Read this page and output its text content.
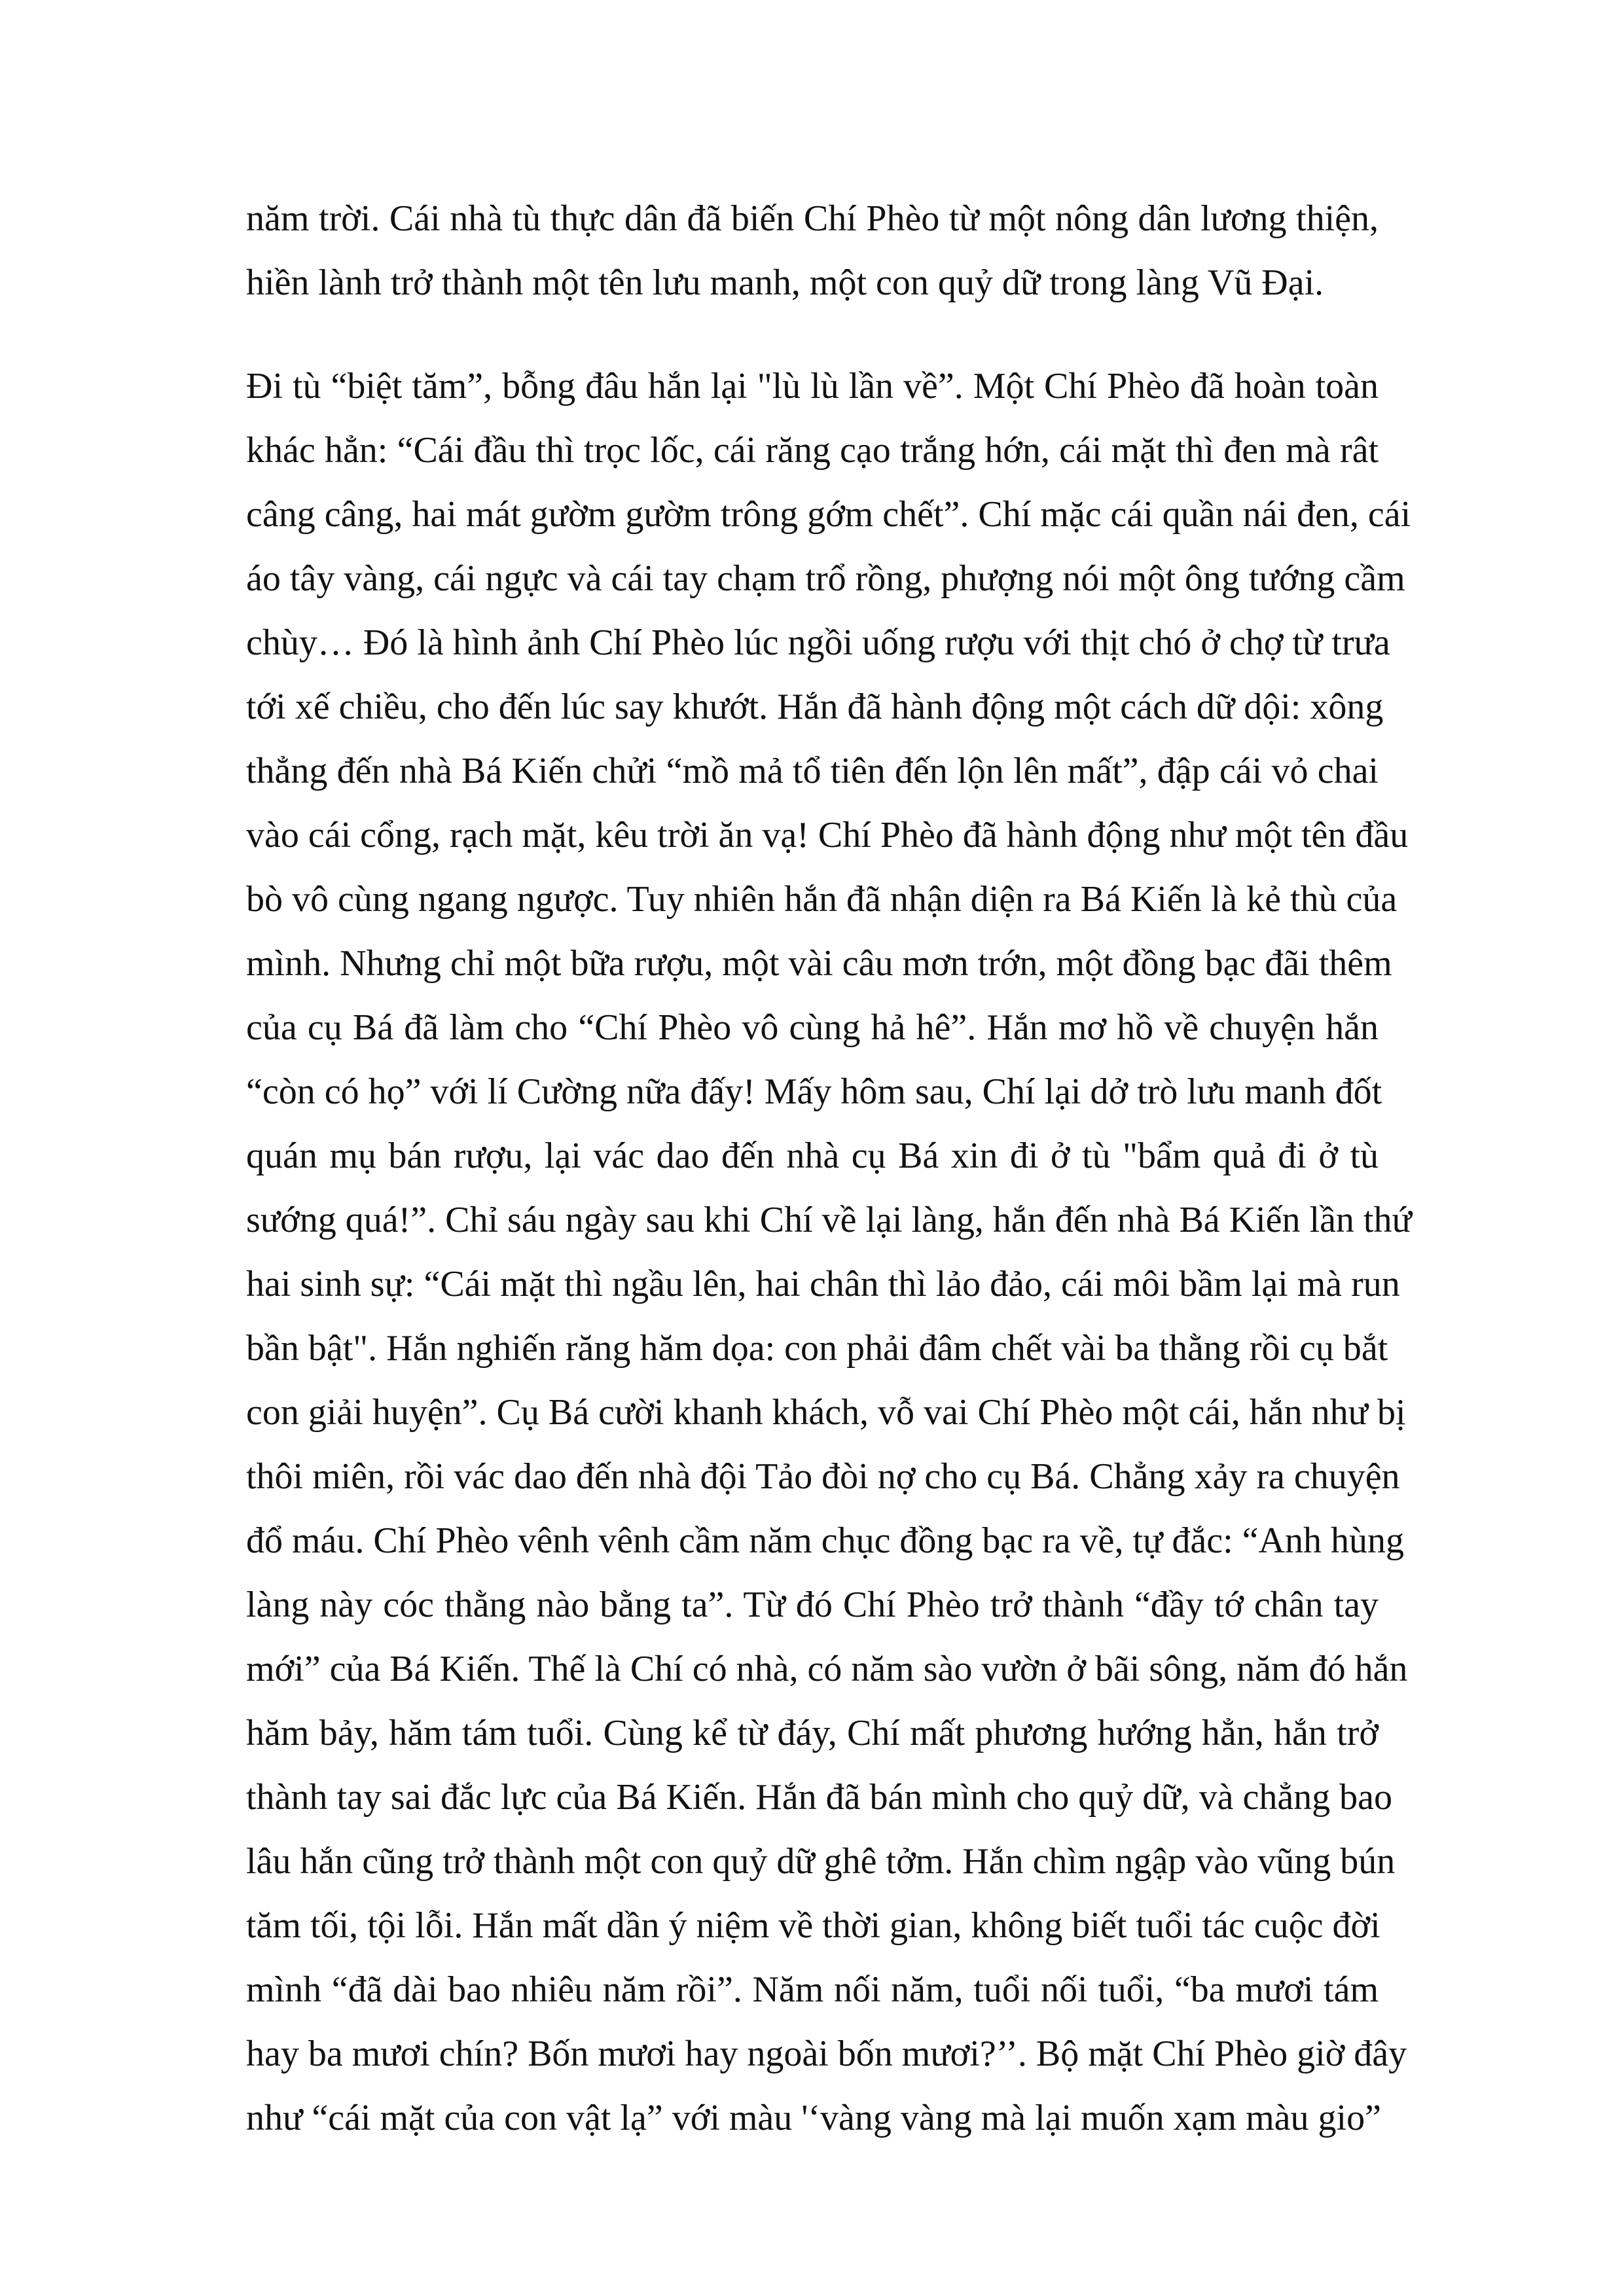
năm trời. Cái nhà tù thực dân đã biến Chí Phèo từ một nông dân lương thiện,
hiền lành trở thành một tên lưu manh, một con quỷ dữ trong làng Vũ Đại.
Đi tù “biệt tăm”, bỗng đâu hắn lại "lù lù lần về”. Một Chí Phèo đã hoàn toàn
khác hẳn: “Cái đầu thì trọc lốc, cái răng cạo trắng hớn, cái mặt thì đen mà rât
câng câng, hai mát gườm gườm trông gớm chết”. Chí mặc cái quần nái đen, cái
áo tây vàng, cái ngực và cái tay chạm trổ rồng, phượng nói một ông tướng cầm
chùy… Đó là hình ảnh Chí Phèo lúc ngồi uống rượu với thịt chó ở chợ từ trưa
tới xế chiều, cho đến lúc say khướt. Hắn đã hành động một cách dữ dội: xông
thẳng đến nhà Bá Kiến chửi “mồ mả tổ tiên đến lộn lên mất”, đập cái vỏ chai
vào cái cổng, rạch mặt, kêu trời ăn vạ! Chí Phèo đã hành động như một tên đầu
bò vô cùng ngang ngược. Tuy nhiên hắn đã nhận diện ra Bá Kiến là kẻ thù của
mình. Nhưng chỉ một bữa rượu, một vài câu mơn trớn, một đồng bạc đãi thêm
của cụ Bá đã làm cho “Chí Phèo vô cùng hả hê”. Hắn mơ hồ về chuyện hắn
“còn có họ” với lí Cường nữa đấy! Mấy hôm sau, Chí lại dở trò lưu manh đốt
quán mụ bán rượu, lại vác dao đến nhà cụ Bá xin đi ở tù "bẩm quả đi ở tù
sướng quá!”. Chỉ sáu ngày sau khi Chí về lại làng, hắn đến nhà Bá Kiến lần thứ
hai sinh sự: “Cái mặt thì ngầu lên, hai chân thì lảo đảo, cái môi bầm lại mà run
bần bật". Hắn nghiến răng hăm dọa: con phải đâm chết vài ba thằng rồi cụ bắt
con giải huyện”. Cụ Bá cười khanh khách, vỗ vai Chí Phèo một cái, hắn như bị
thôi miên, rồi vác dao đến nhà đội Tảo đòi nợ cho cụ Bá. Chẳng xảy ra chuyện
đổ máu. Chí Phèo vênh vênh cầm năm chục đồng bạc ra về, tự đắc: “Anh hùng
làng này cóc thằng nào bằng ta”. Từ đó Chí Phèo trở thành “đầy tớ chân tay
mới” của Bá Kiến. Thế là Chí có nhà, có năm sào vườn ở bãi sông, năm đó hắn
hăm bảy, hăm tám tuổi. Cùng kể từ đáy, Chí mất phương hướng hẳn, hắn trở
thành tay sai đắc lực của Bá Kiến. Hắn đã bán mình cho quỷ dữ, và chẳng bao
lâu hắn cũng trở thành một con quỷ dữ ghê tởm. Hắn chìm ngập vào vũng bún
tăm tối, tội lỗi. Hắn mất dần ý niệm về thời gian, không biết tuổi tác cuộc đời
mình “đã dài bao nhiêu năm rồi”. Năm nối năm, tuổi nối tuổi, “ba mươi tám
hay ba mươi chín? Bốn mươi hay ngoài bốn mươi?’’. Bộ mặt Chí Phèo giờ đây
như “cái mặt của con vật lạ” với màu '‘vàng vàng mà lại muốn xạm màu gio”
